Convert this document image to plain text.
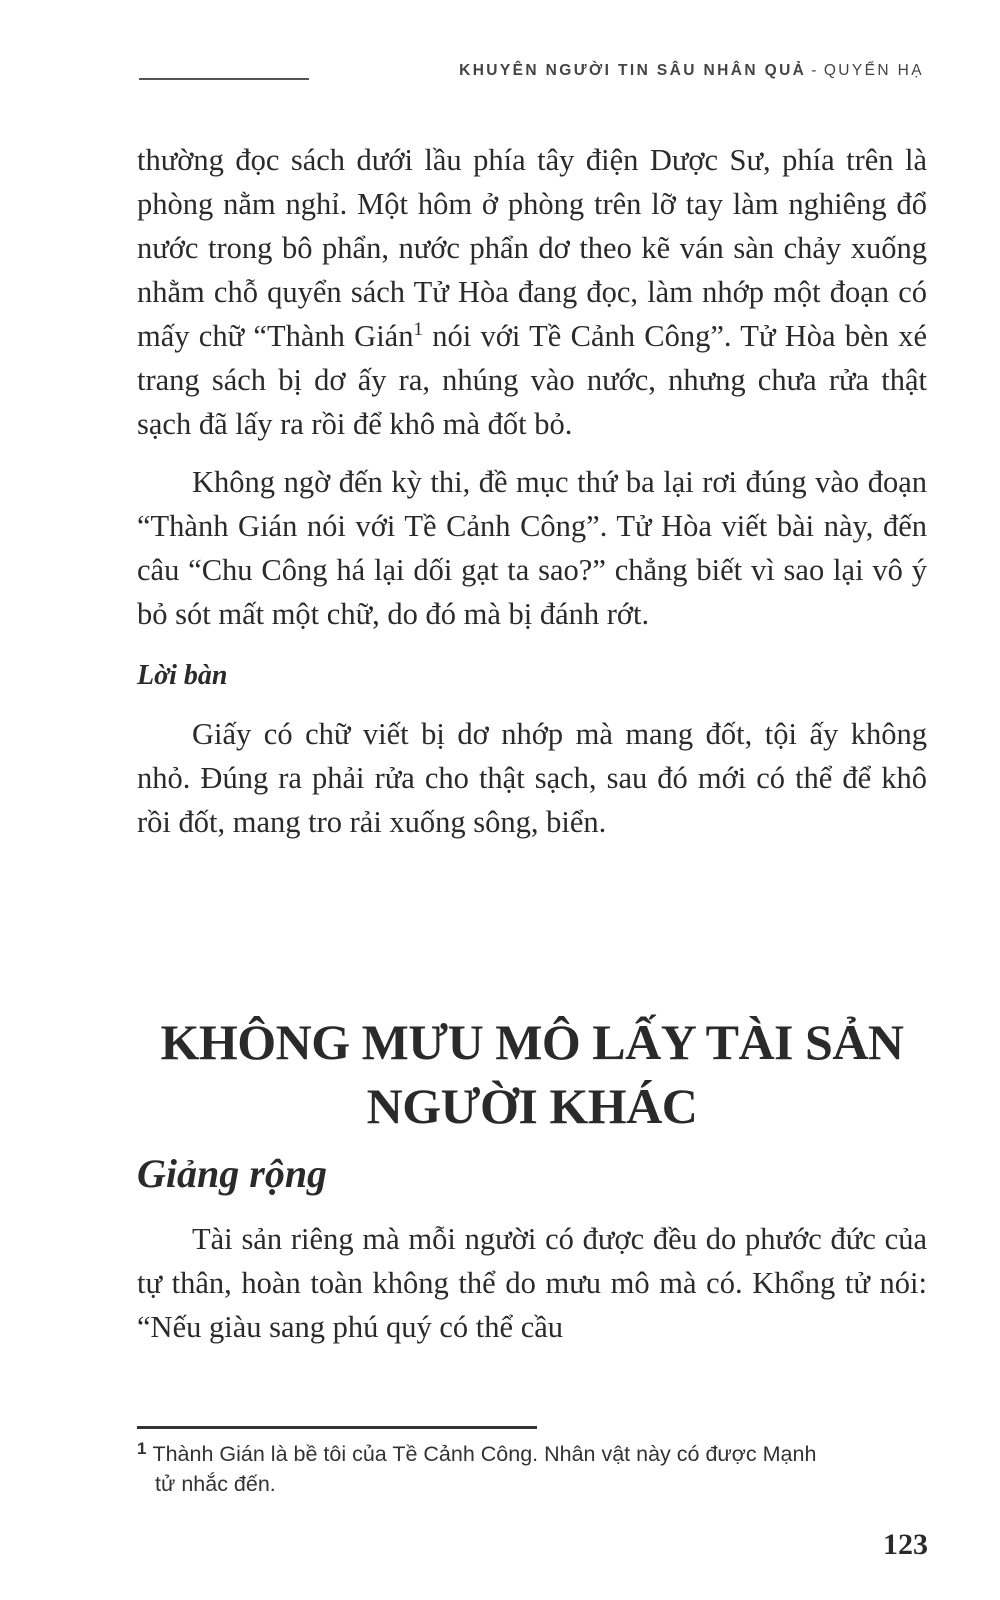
KHUYÊN NGƯỜI TIN SÂU NHÂN QUẢ - QUYỂN HẠ

thường đọc sách dưới lầu phía tây điện Dược Sư, phía trên là phòng nằm nghỉ. Một hôm ở phòng trên lỡ tay làm nghiêng đổ nước trong bô phẩn, nước phẩn dơ theo kẽ ván sàn chảy xuống nhằm chỗ quyển sách Tử Hòa đang đọc, làm nhớp một đoạn có mấy chữ “Thành Gián$^1$ nói với Tề Cảnh Công”. Tử Hòa bèn xé trang sách bị dơ ấy ra, nhúng vào nước, nhưng chưa rửa thật sạch đã lấy ra rồi để khô mà đốt bỏ.

Không ngờ đến kỳ thi, đề mục thứ ba lại rơi đúng vào đoạn “Thành Gián nói với Tề Cảnh Công”. Tử Hòa viết bài này, đến câu “Chu Công há lại dối gạt ta sao?” chẳng biết vì sao lại vô ý bỏ sót mất một chữ, do đó mà bị đánh rớt.

Lời bàn

Giấy có chữ viết bị dơ nhớp mà mang đốt, tội ấy không nhỏ. Đúng ra phải rửa cho thật sạch, sau đó mới có thể để khô rồi đốt, mang tro rải xuống sông, biển.

KHÔNG MƯU MÔ LẤY TÀI SẢN
NGƯỜI KHÁC
Giảng rộng

Tài sản riêng mà mỗi người có được đều do phước đức của tự thân, hoàn toàn không thể do mưu mô mà có. Khổng tử nói: “Nếu giàu sang phú quý có thể cầu

$^1$ Thành Gián là bề tôi của Tề Cảnh Công. Nhân vật này có được Mạnh
tử nhắc đến.

123
